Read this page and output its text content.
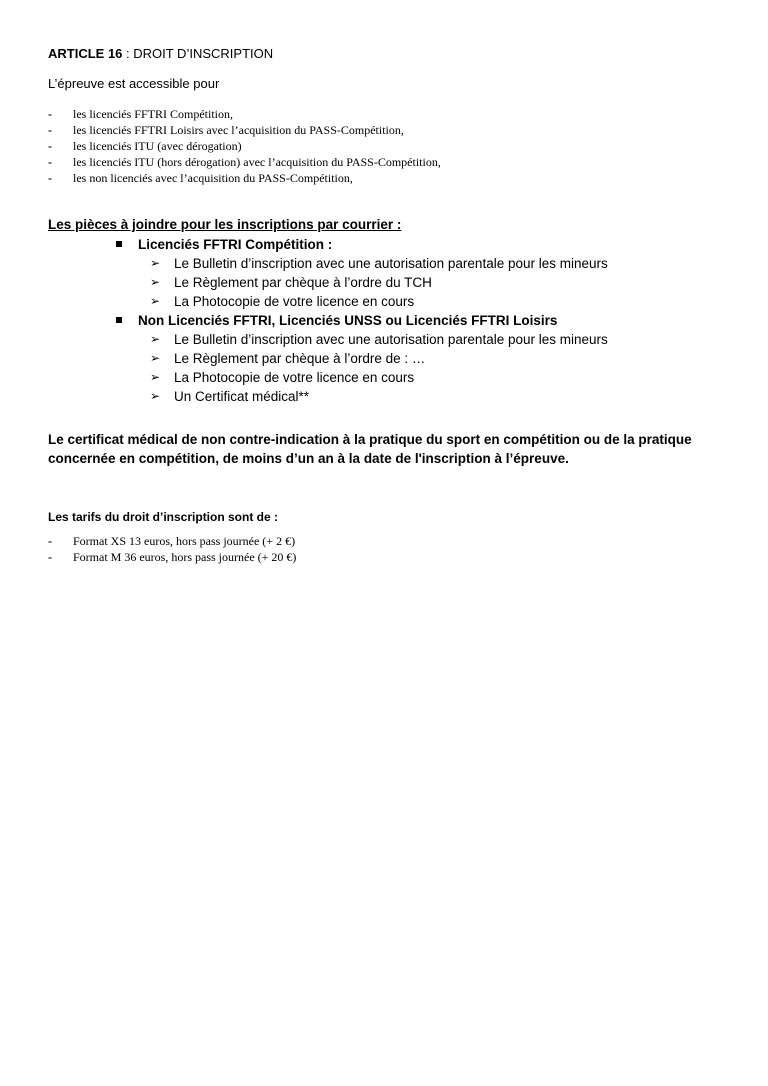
ARTICLE 16 : DROIT D’INSCRIPTION
L’épreuve est accessible pour
-	les licenciés FFTRI Compétition,
-	les licenciés FFTRI Loisirs avec l’acquisition du PASS-Compétition,
-	les licenciés ITU (avec dérogation)
-	les licenciés ITU (hors dérogation) avec l’acquisition du PASS-Compétition,
-	les non licenciés avec l’acquisition du PASS-Compétition,
Les pièces à joindre pour les inscriptions par courrier :
Licenciés FFTRI Compétition :
➢ Le Bulletin d’inscription avec une autorisation parentale pour les mineurs
➢ Le Règlement par chèque à l’ordre du TCH
➢ La Photocopie de votre licence en cours
Non Licenciés FFTRI, Licenciés UNSS ou Licenciés FFTRI Loisirs
➢ Le Bulletin d’inscription avec une autorisation parentale pour les mineurs
➢ Le Règlement par chèque à l’ordre de : …
➢ La Photocopie de votre licence en cours
➢ Un Certificat médical**
Le certificat médical de non contre-indication à la pratique du sport en compétition ou de la pratique concernée en compétition, de moins d’un an à la date de l'inscription à l’épreuve.
Les tarifs du droit d’inscription sont de :
-	Format XS 13 euros, hors pass journée (+ 2 €)
-	Format M 36 euros, hors pass journée (+ 20 €)
